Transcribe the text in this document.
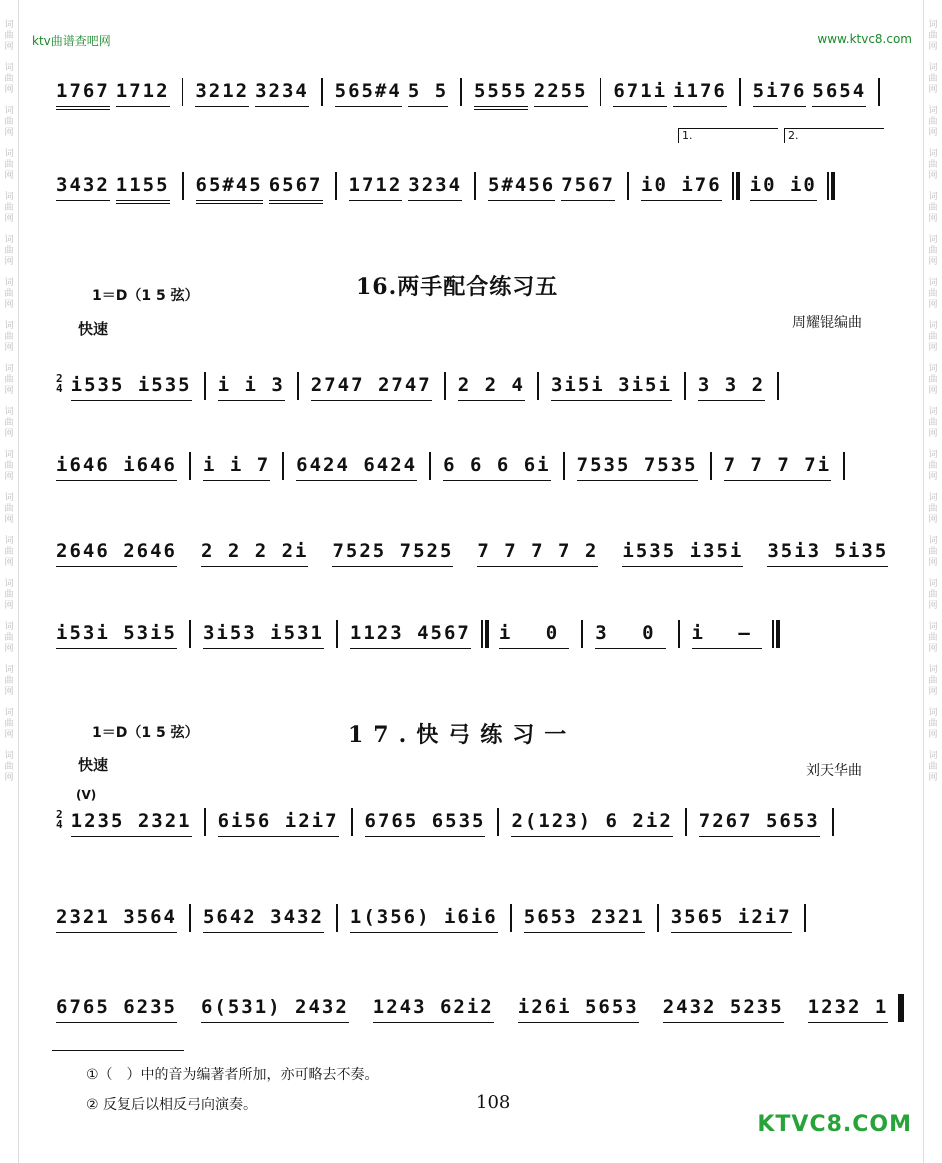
词曲网
词曲网
词曲网
词曲网
词曲网
词曲网
词曲网
词曲网
词曲网
词曲网
词曲网
词曲网
词曲网
词曲网
词曲网
词曲网
词曲网
词曲网
词曲网
词曲网
词曲网
词曲网
词曲网
词曲网
词曲网
词曲网
词曲网
词曲网
词曲网
词曲网
词曲网
词曲网
词曲网
词曲网
词曲网
词曲网
ktv曲谱查吧网	www.ktvc8.com
1767 1712 3212 3234 565#4 5 5 5555 2255 671i i176 5i76 5654
1.	2.
3432 1155 65#45 6567 1712 3234 5#456 7567 i0 i76 i0 i0
1＝D（1 5 弦）	16.两手配合练习五
快速	周耀锟编曲
2
4 i535 i535 i i 3 2747 2747 2 2 4 3i5i 3i5i 3 3 2
i646 i646 i i 7 6424 6424 6 6 6 6i 7535 7535 7 7 7 7i
2646 2646 2 2 2 2i 7525 7525 7 7 7 7 2 i535 i35i 35i3 5i35
i53i 53i5 3i53 i531 1123 4567 i 0 3 0 i –
1＝D（1 5 弦）	17.快弓练习一
快速	刘天华曲
(V)
2
4 1235 2321 6i56 i2i7 6765 6535 2(123) 6 2i2 7267 5653
2321 3564 5642 3432 1(356) i6i6 5653 2321 3565 i2i7
6765 6235 6(531) 2432 1243 62i2 i26i 5653 2432 5235 1232 1
①（　）中的音为编著者所加，亦可略去不奏。
② 反复后以相反弓向演奏。	108
KTVC8.COM
